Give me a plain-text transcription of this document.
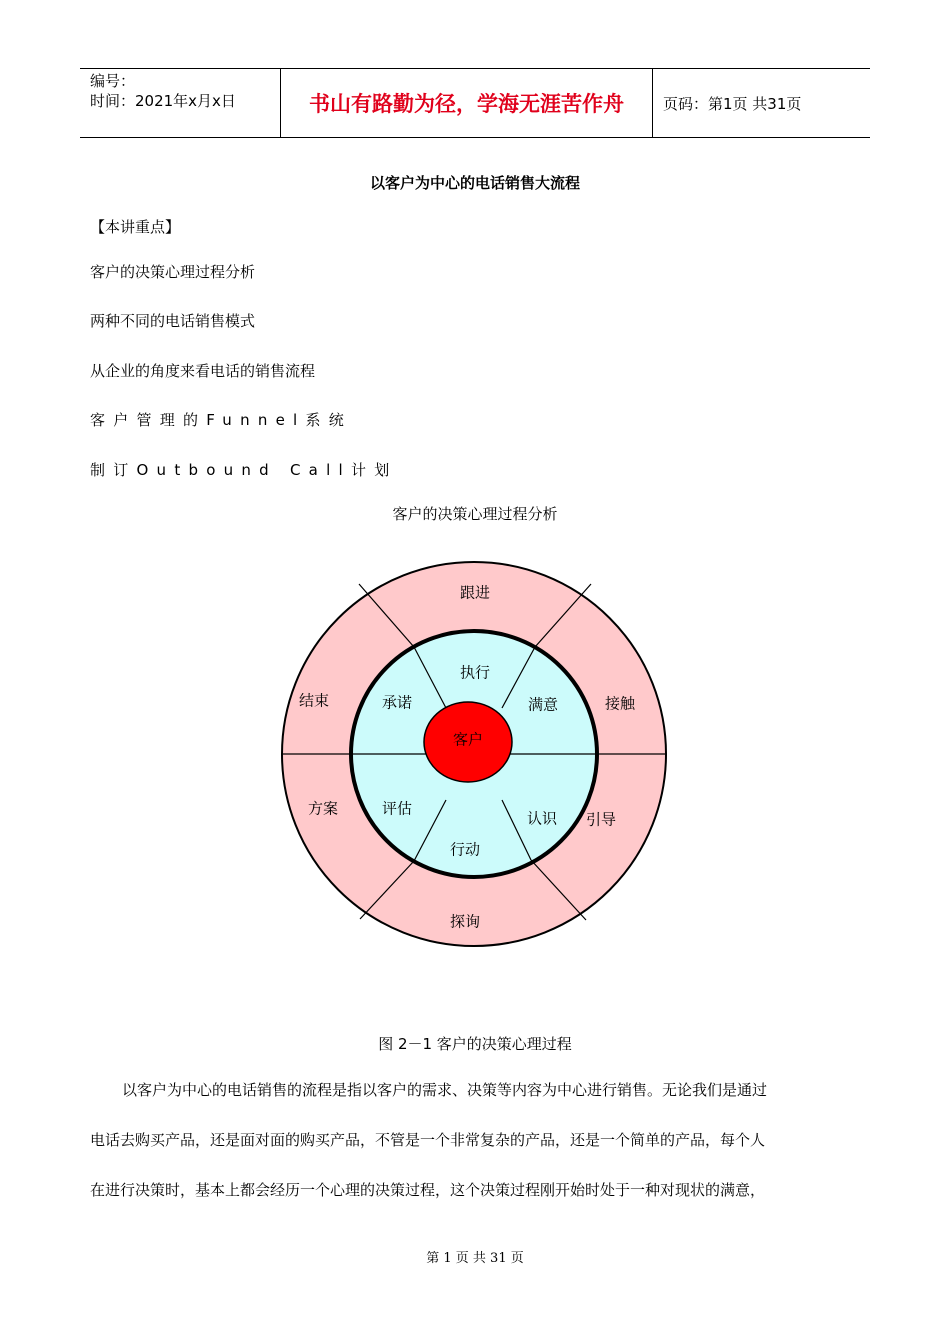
编号：
时间：2021年x月x日	书山有路勤为径，学海无涯苦作舟	页码：第1页 共31页
以客户为中心的电话销售大流程
【本讲重点】
客户的决策心理过程分析
两种不同的电话销售模式
从企业的角度来看电话的销售流程
客户管理的Funnel系统
制订Outbound Call计划
客户的决策心理过程分析
客户
执行
满意
认识
行动
评估
承诺
跟进
接触
引导
探询
方案
结束
图 2－1 客户的决策心理过程
以客户为中心的电话销售的流程是指以客户的需求、决策等内容为中心进行销售。无论我们是通过
电话去购买产品，还是面对面的购买产品，不管是一个非常复杂的产品，还是一个简单的产品，每个人
在进行决策时，基本上都会经历一个心理的决策过程，这个决策过程刚开始时处于一种对现状的满意，
第 1 页 共 31 页
